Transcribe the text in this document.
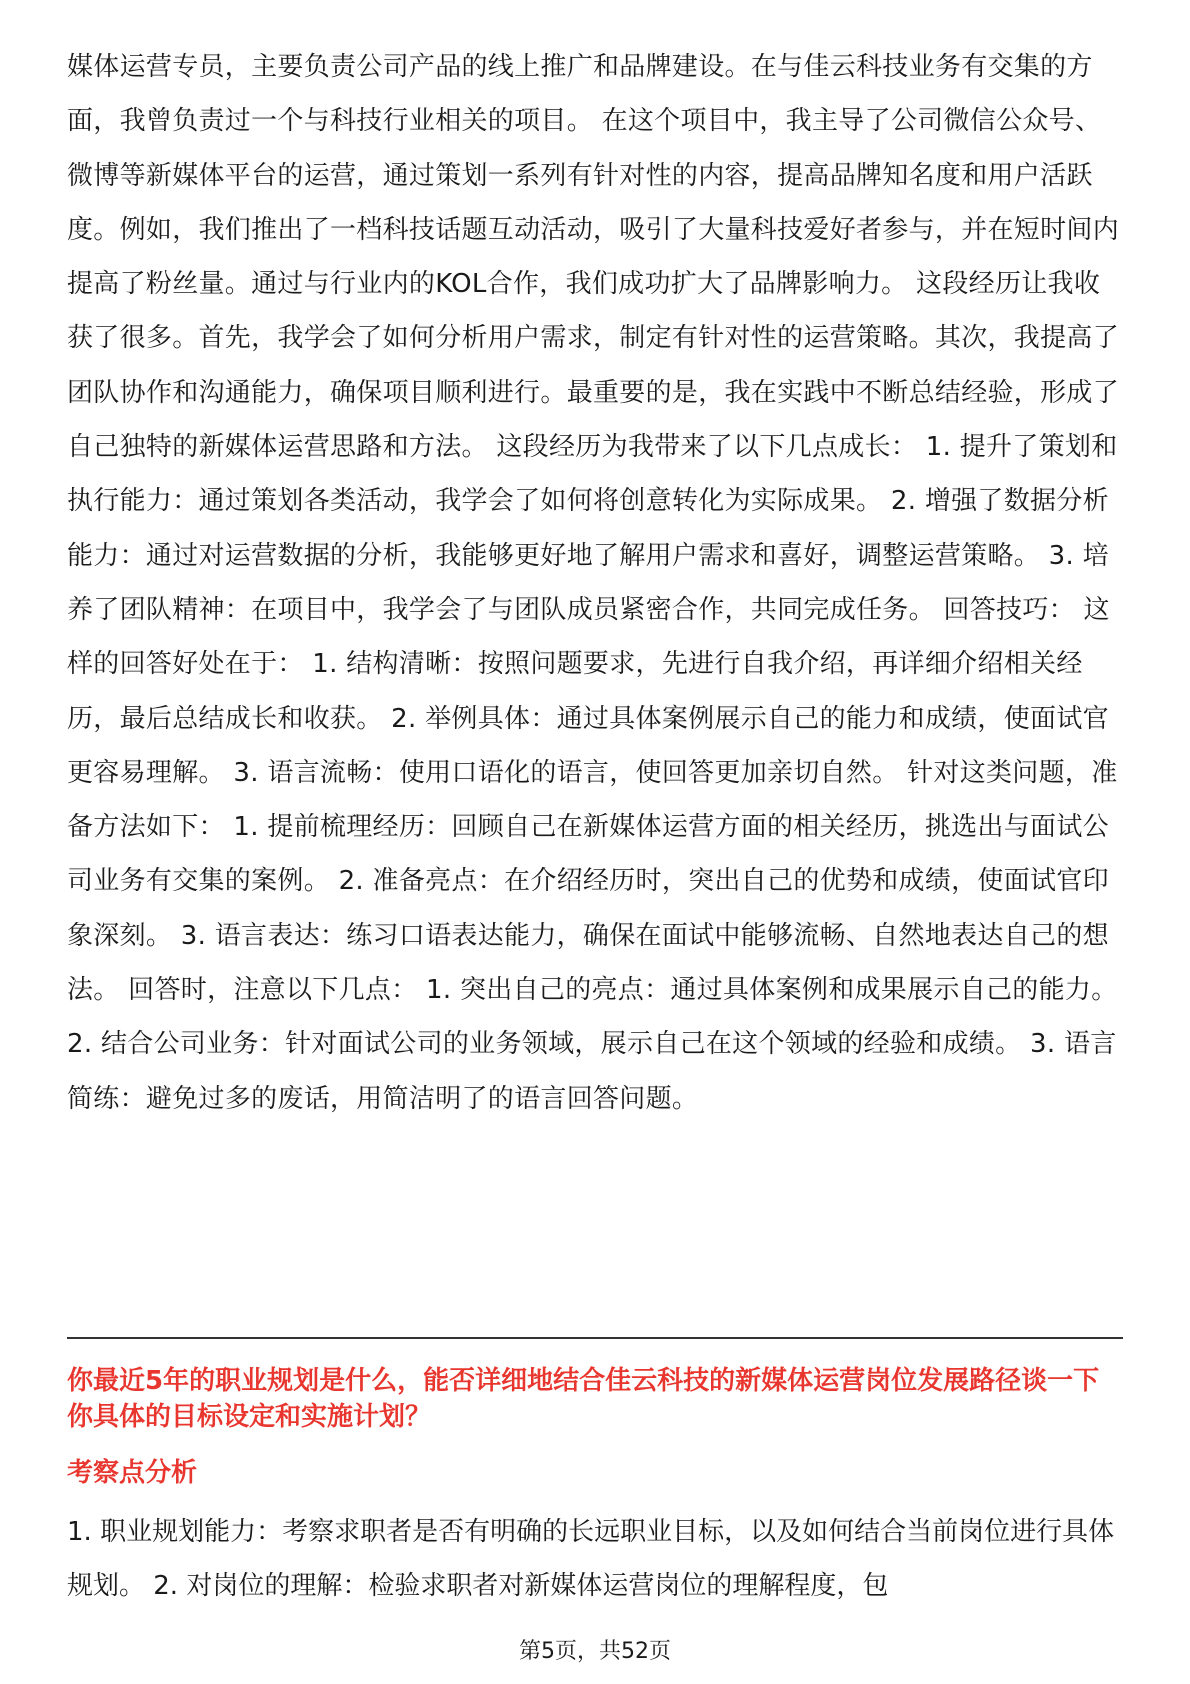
媒体运营专员，主要负责公司产品的线上推广和品牌建设。在与佳云科技业务有交集的方面，我曾负责过一个与科技行业相关的项目。 在这个项目中，我主导了公司微信公众号、微博等新媒体平台的运营，通过策划一系列有针对性的内容，提高品牌知名度和用户活跃度。例如，我们推出了一档科技话题互动活动，吸引了大量科技爱好者参与，并在短时间内提高了粉丝量。通过与行业内的KOL合作，我们成功扩大了品牌影响力。 这段经历让我收获了很多。首先，我学会了如何分析用户需求，制定有针对性的运营策略。其次，我提高了团队协作和沟通能力，确保项目顺利进行。最重要的是，我在实践中不断总结经验，形成了自己独特的新媒体运营思路和方法。 这段经历为我带来了以下几点成长： 1. 提升了策划和执行能力：通过策划各类活动，我学会了如何将创意转化为实际成果。 2. 增强了数据分析能力：通过对运营数据的分析，我能够更好地了解用户需求和喜好，调整运营策略。 3. 培养了团队精神：在项目中，我学会了与团队成员紧密合作，共同完成任务。 回答技巧： 这样的回答好处在于： 1. 结构清晰：按照问题要求，先进行自我介绍，再详细介绍相关经历，最后总结成长和收获。 2. 举例具体：通过具体案例展示自己的能力和成绩，使面试官更容易理解。 3. 语言流畅：使用口语化的语言，使回答更加亲切自然。 针对这类问题，准备方法如下： 1. 提前梳理经历：回顾自己在新媒体运营方面的相关经历，挑选出与面试公司业务有交集的案例。 2. 准备亮点：在介绍经历时，突出自己的优势和成绩，使面试官印象深刻。 3. 语言表达：练习口语表达能力，确保在面试中能够流畅、自然地表达自己的想法。 回答时，注意以下几点： 1. 突出自己的亮点：通过具体案例和成果展示自己的能力。 2. 结合公司业务：针对面试公司的业务领域，展示自己在这个领域的经验和成绩。 3. 语言简练：避免过多的废话，用简洁明了的语言回答问题。

你最近5年的职业规划是什么，能否详细地结合佳云科技的新媒体运营岗位发展路径谈一下你具体的目标设定和实施计划？

考察点分析

1. 职业规划能力：考察求职者是否有明确的长远职业目标，以及如何结合当前岗位进行具体规划。 2. 对岗位的理解：检验求职者对新媒体运营岗位的理解程度，包

第5页，共52页
